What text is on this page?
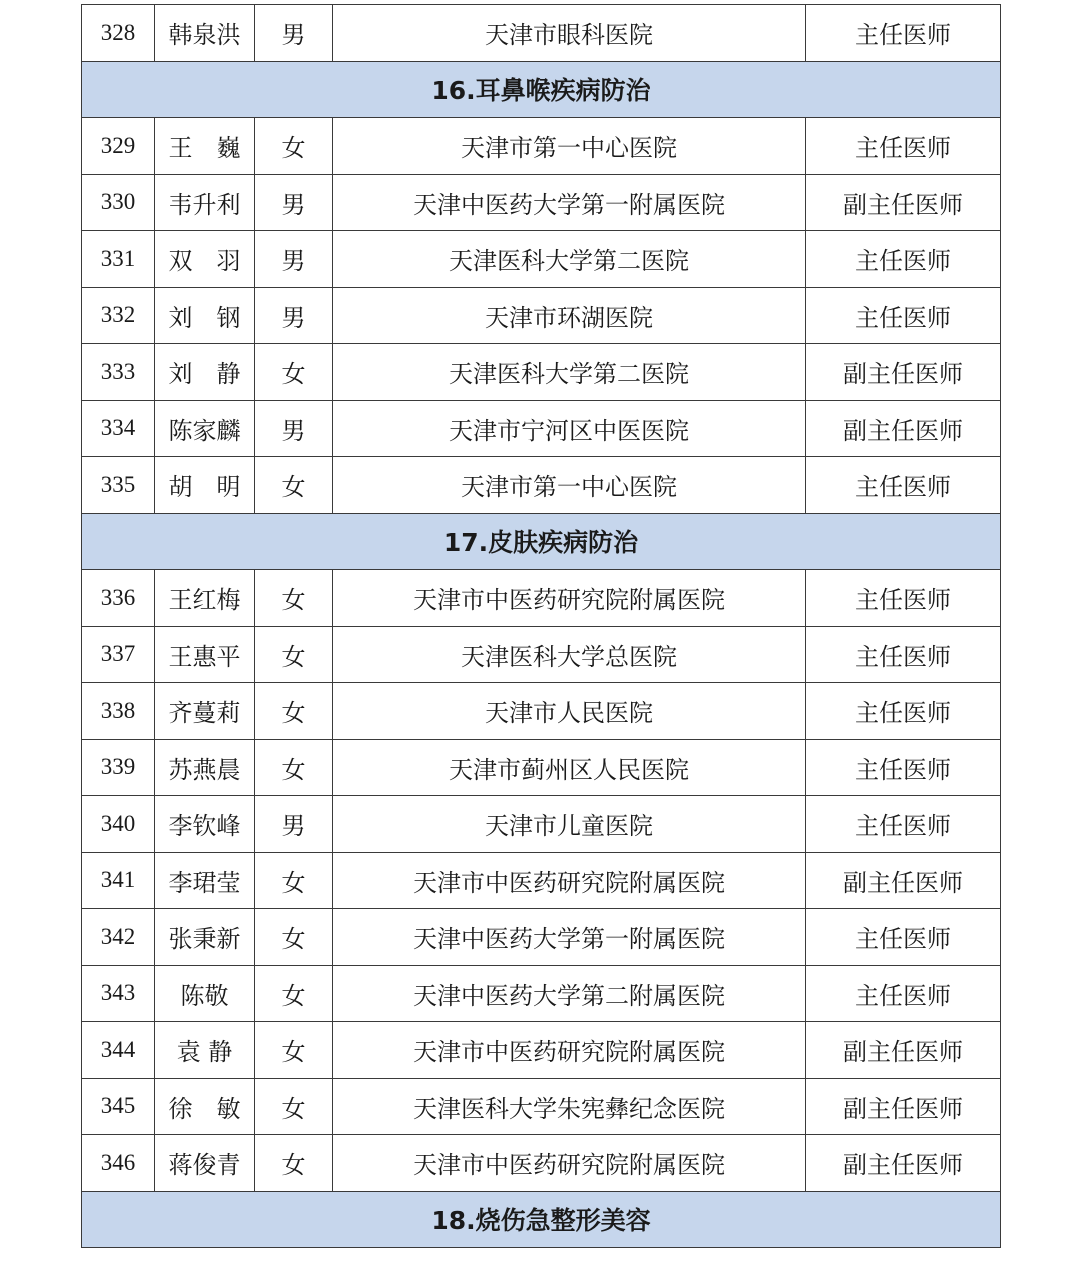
328	韩泉洪	男	天津市眼科医院	主任医师
16.耳鼻喉疾病防治				
329	王　巍	女	天津市第一中心医院	主任医师
330	韦升利	男	天津中医药大学第一附属医院	副主任医师
331	双　羽	男	天津医科大学第二医院	主任医师
332	刘　钢	男	天津市环湖医院	主任医师
333	刘　静	女	天津医科大学第二医院	副主任医师
334	陈家麟	男	天津市宁河区中医医院	副主任医师
335	胡　明	女	天津市第一中心医院	主任医师
17.皮肤疾病防治				
336	王红梅	女	天津市中医药研究院附属医院	主任医师
337	王惠平	女	天津医科大学总医院	主任医师
338	齐蔓莉	女	天津市人民医院	主任医师
339	苏燕晨	女	天津市蓟州区人民医院	主任医师
340	李钦峰	男	天津市儿童医院	主任医师
341	李珺莹	女	天津市中医药研究院附属医院	副主任医师
342	张秉新	女	天津中医药大学第一附属医院	主任医师
343	陈敬	女	天津中医药大学第二附属医院	主任医师
344	袁 静	女	天津市中医药研究院附属医院	副主任医师
345	徐　敏	女	天津医科大学朱宪彝纪念医院	副主任医师
346	蒋俊青	女	天津市中医药研究院附属医院	副主任医师
18.烧伤急整形美容				
